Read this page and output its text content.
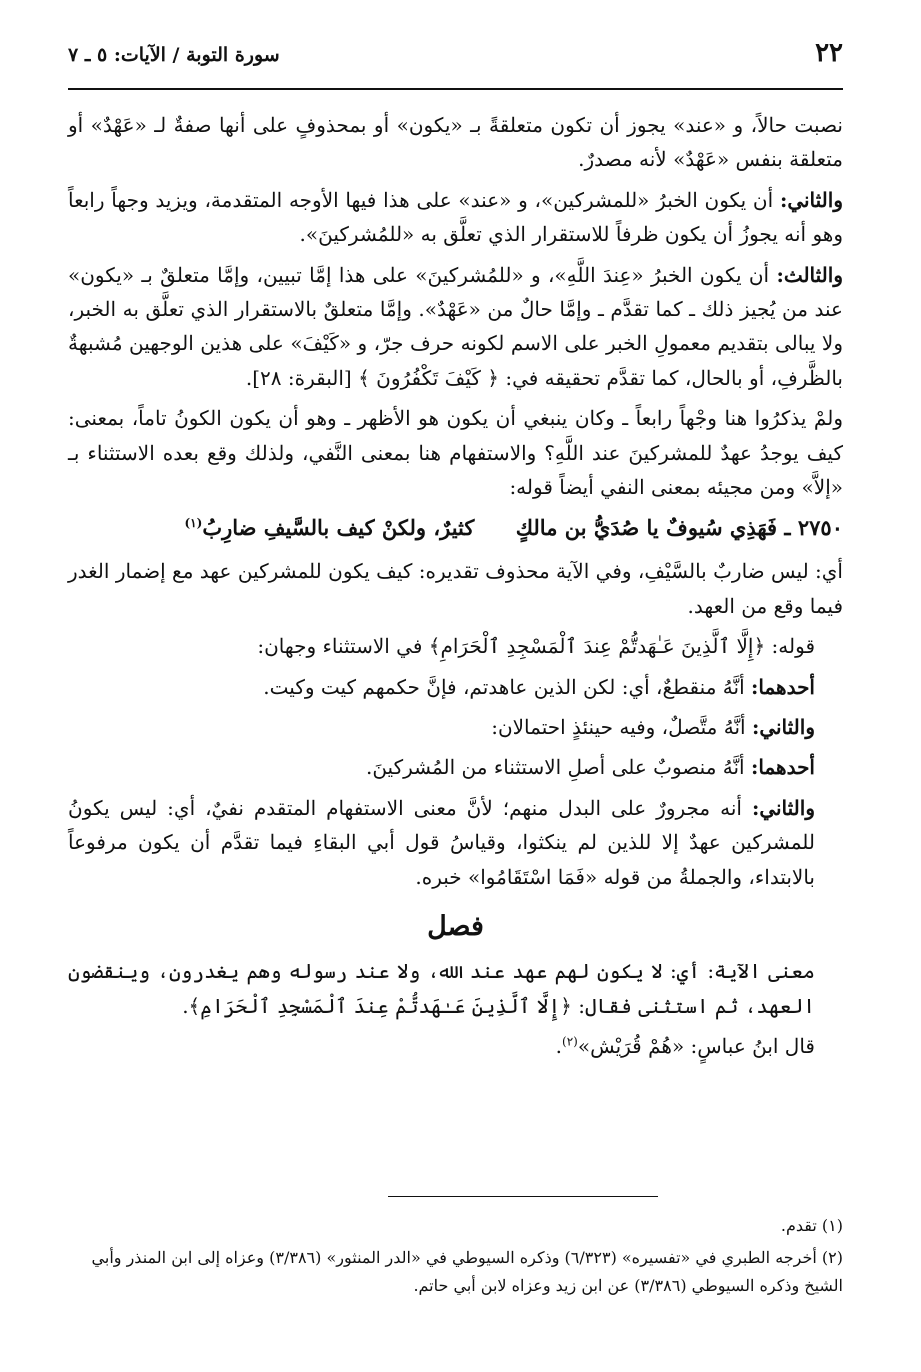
٢٢
سورة التوبة / الآيات: ٥ ـ ٧

نصبت حالاً، و «عند» يجوز أن تكون متعلقةً بـ «يكون» أو بمحذوفٍ على أنها صفةٌ لـ «عَهْدٌ» أو متعلقة بنفس «عَهْدٌ» لأنه مصدرٌ.

والثاني: أن يكون الخبرُ «للمشركين»، و «عند» على هذا فيها الأوجه المتقدمة، ويزيد وجهاً رابعاً وهو أنه يجوزُ أن يكون ظرفاً للاستقرار الذي تعلَّق به «للمُشركينَ».

والثالث: أن يكون الخبرُ «عِندَ اللَّهِ»، و «للمُشركينَ» على هذا إمَّا تبيين، وإمَّا متعلقٌ بـ «يكون» عند من يُجيز ذلك ـ كما تقدَّم ـ وإمَّا حالٌ من «عَهْدٌ». وإمَّا متعلقٌ بالاستقرار الذي تعلَّق به الخبر، ولا يبالى بتقديم معمولِ الخبر على الاسم لكونه حرف جرّ، و «كَيْفَ» على هذين الوجهين مُشبهةٌ بالظَّرفِ، أو بالحال، كما تقدَّم تحقيقه في: ﴿ كَيْفَ تَكْفُرُونَ ﴾ [البقرة: ٢٨].

ولمْ يذكرُوا هنا وجْهاً رابعاً ـ وكان ينبغي أن يكون هو الأظهر ـ وهو أن يكون الكونُ تاماً، بمعنى: كيف يوجدُ عهدٌ للمشركينَ عند اللَّهِ؟ والاستفهام هنا بمعنى النَّفي، ولذلك وقع بعده الاستثناء بـ «إلاَّ» ومن مجيئه بمعنى النفي أيضاً قوله:

٢٧٥٠ ـ فَهَذِي سُيوفٌ يا صُدَيُّ بن مالكٍ كثيرٌ، ولكنْ كيف بالسَّيفِ ضارِبُ$^{(١)}$

أي: ليس ضاربٌ بالسَّيْفِ، وفي الآية محذوف تقديره: كيف يكون للمشركين عهد مع إضمار الغدر فيما وقع من العهد.

قوله: ﴿إِلَّا ٱلَّذِينَ عَـٰهَدتُّمْ عِندَ ٱلْمَسْجِدِ ٱلْحَرَامِ﴾ في الاستثناء وجهان:

أحدهما: أنَّهُ منقطعٌ، أي: لكن الذين عاهدتم، فإنَّ حكمهم كيت وكيت.

والثاني: أنَّهُ متَّصلٌ، وفيه حينئذٍ احتمالان:

أحدهما: أنَّهُ منصوبٌ على أصلِ الاستثناء من المُشركينَ.

والثاني: أنه مجرورٌ على البدل منهم؛ لأنَّ معنى الاستفهام المتقدم نفيٌ، أي: ليس يكونُ للمشركين عهدٌ إلا للذين لم ينكثوا، وقياسُ قول أبي البقاءِ فيما تقدَّم أن يكون مرفوعاً بالابتداء، والجملةُ من قوله «فَمَا اسْتَقَامُوا» خبره.

فصل

معنى الآية: أي: لا يكون لهم عهد عند الله، ولا عند رسوله وهم يغدرون، وينقضون العهد، ثم استثنى فقال: ﴿إِلَّا ٱلَّذِينَ عَـٰهَدتُّمْ عِندَ ٱلْمَسْجِدِ ٱلْحَرَامِ﴾.

قال ابنُ عباسٍ: «هُمْ قُرَيْش»$^{(٢)}$.

(١) تقدم.

(٢) أخرجه الطبري في «تفسيره» (٦/٣٢٣) وذكره السيوطي في «الدر المنثور» (٣/٣٨٦) وعزاه إلى ابن المنذر وأبي الشيخ وذكره السيوطي (٣/٣٨٦) عن ابن زيد وعزاه لابن أبي حاتم.
